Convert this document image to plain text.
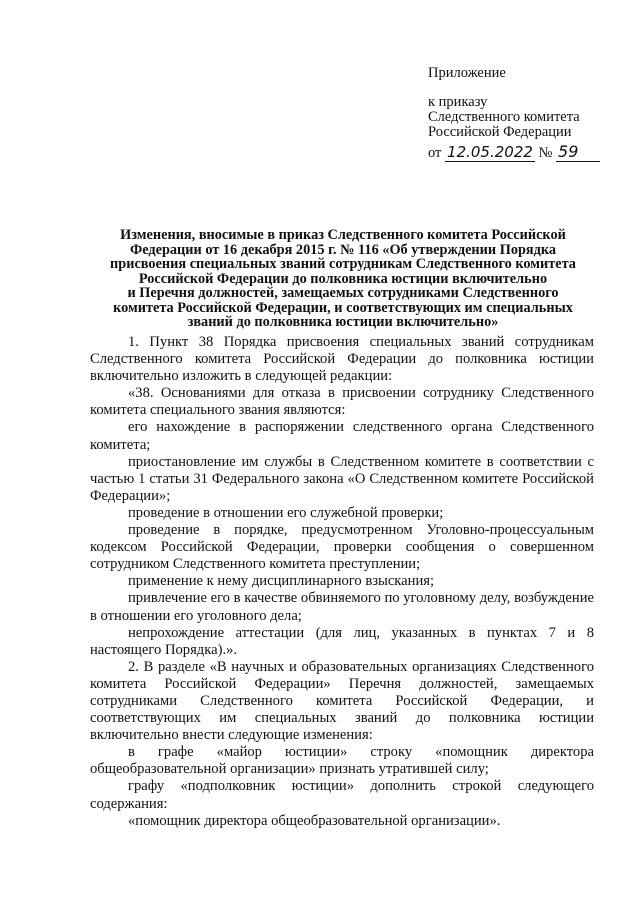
Приложение
к приказу
Следственного комитета
Российской Федерации
от 12.05.2022 № 59
Изменения, вносимые в приказ Следственного комитета Российской
Федерации от 16 декабря 2015 г. № 116 «Об утверждении Порядка
присвоения специальных званий сотрудникам Следственного комитета
Российской Федерации до полковника юстиции включительно
и Перечня должностей, замещаемых сотрудниками Следственного
комитета Российской Федерации, и соответствующих им специальных
званий до полковника юстиции включительно»

1. Пункт 38 Порядка присвоения специальных званий сотрудникам Следственного комитета Российской Федерации до полковника юстиции включительно изложить в следующей редакции:

«38. Основаниями для отказа в присвоении сотруднику Следственного комитета специального звания являются:

его нахождение в распоряжении следственного органа Следственного комитета;

приостановление им службы в Следственном комитете в соответствии с частью 1 статьи 31 Федерального закона «О Следственном комитете Российской Федерации»;

проведение в отношении его служебной проверки;

проведение в порядке, предусмотренном Уголовно-процессуальным кодексом Российской Федерации, проверки сообщения о совершенном сотрудником Следственного комитета преступлении;

применение к нему дисциплинарного взыскания;

привлечение его в качестве обвиняемого по уголовному делу, возбуждение в отношении его уголовного дела;

непрохождение аттестации (для лиц, указанных в пунктах 7 и 8 настоящего Порядка).».

2. В разделе «В научных и образовательных организациях Следственного комитета Российской Федерации» Перечня должностей, замещаемых сотрудниками Следственного комитета Российской Федерации, и соответствующих им специальных званий до полковника юстиции включительно внести следующие изменения:

в графе «майор юстиции» строку «помощник директора общеобразовательной организации» признать утратившей силу;

графу «подполковник юстиции» дополнить строкой следующего содержания:

«помощник директора общеобразовательной организации».
